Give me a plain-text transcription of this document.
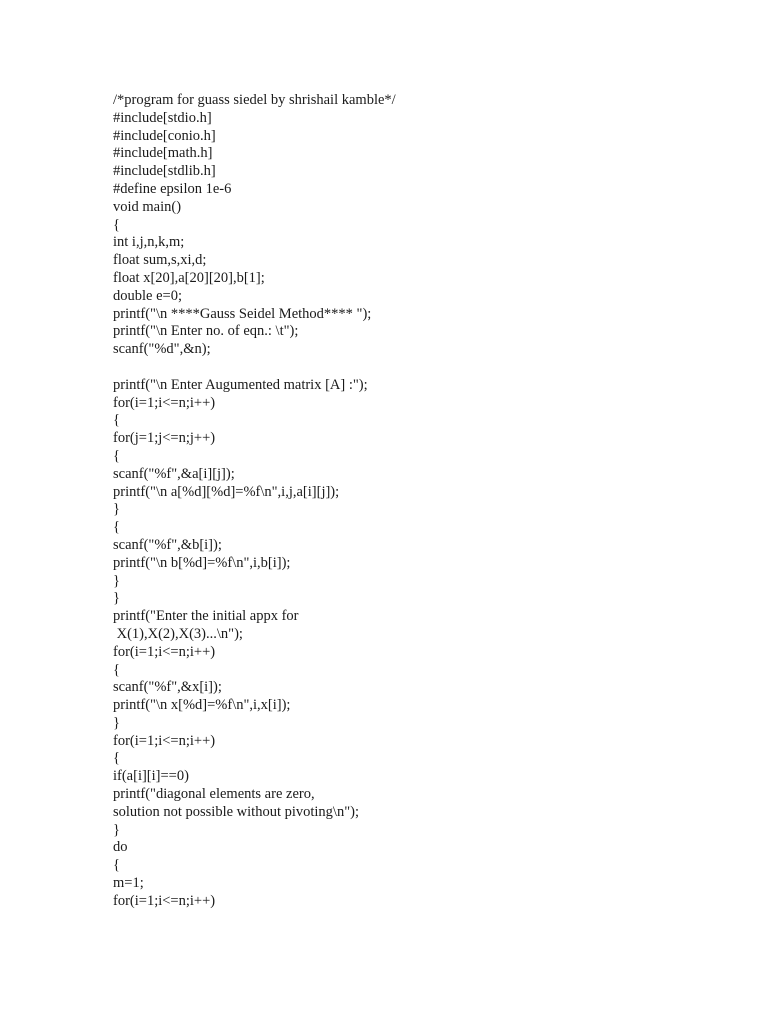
/*program for guass siedel by shrishail kamble*/
#include[stdio.h]
#include[conio.h]
#include[math.h]
#include[stdlib.h]
#define epsilon 1e-6
void main()
{
int i,j,n,k,m;
float sum,s,xi,d;
float x[20],a[20][20],b[1];
double e=0;
printf("\n ****Gauss Seidel Method**** ");
printf("\n Enter no. of eqn.: \t");
scanf("%d",&n);
printf("\n Enter Augumented matrix [A] :");
for(i=1;i<=n;i++)
{
for(j=1;j<=n;j++)
{
scanf("%f",&a[i][j]);
printf("\n a[%d][%d]=%f\n",i,j,a[i][j]);
}
{
scanf("%f",&b[i]);
printf("\n b[%d]=%f\n",i,b[i]);
}
}
printf("Enter the initial appx for
X(1),X(2),X(3)...\n");
for(i=1;i<=n;i++)
{
scanf("%f",&x[i]);
printf("\n x[%d]=%f\n",i,x[i]);
}
for(i=1;i<=n;i++)
{
if(a[i][i]==0)
printf("diagonal elements are zero,
solution not possible without pivoting\n");
}
do
{
m=1;
for(i=1;i<=n;i++)
